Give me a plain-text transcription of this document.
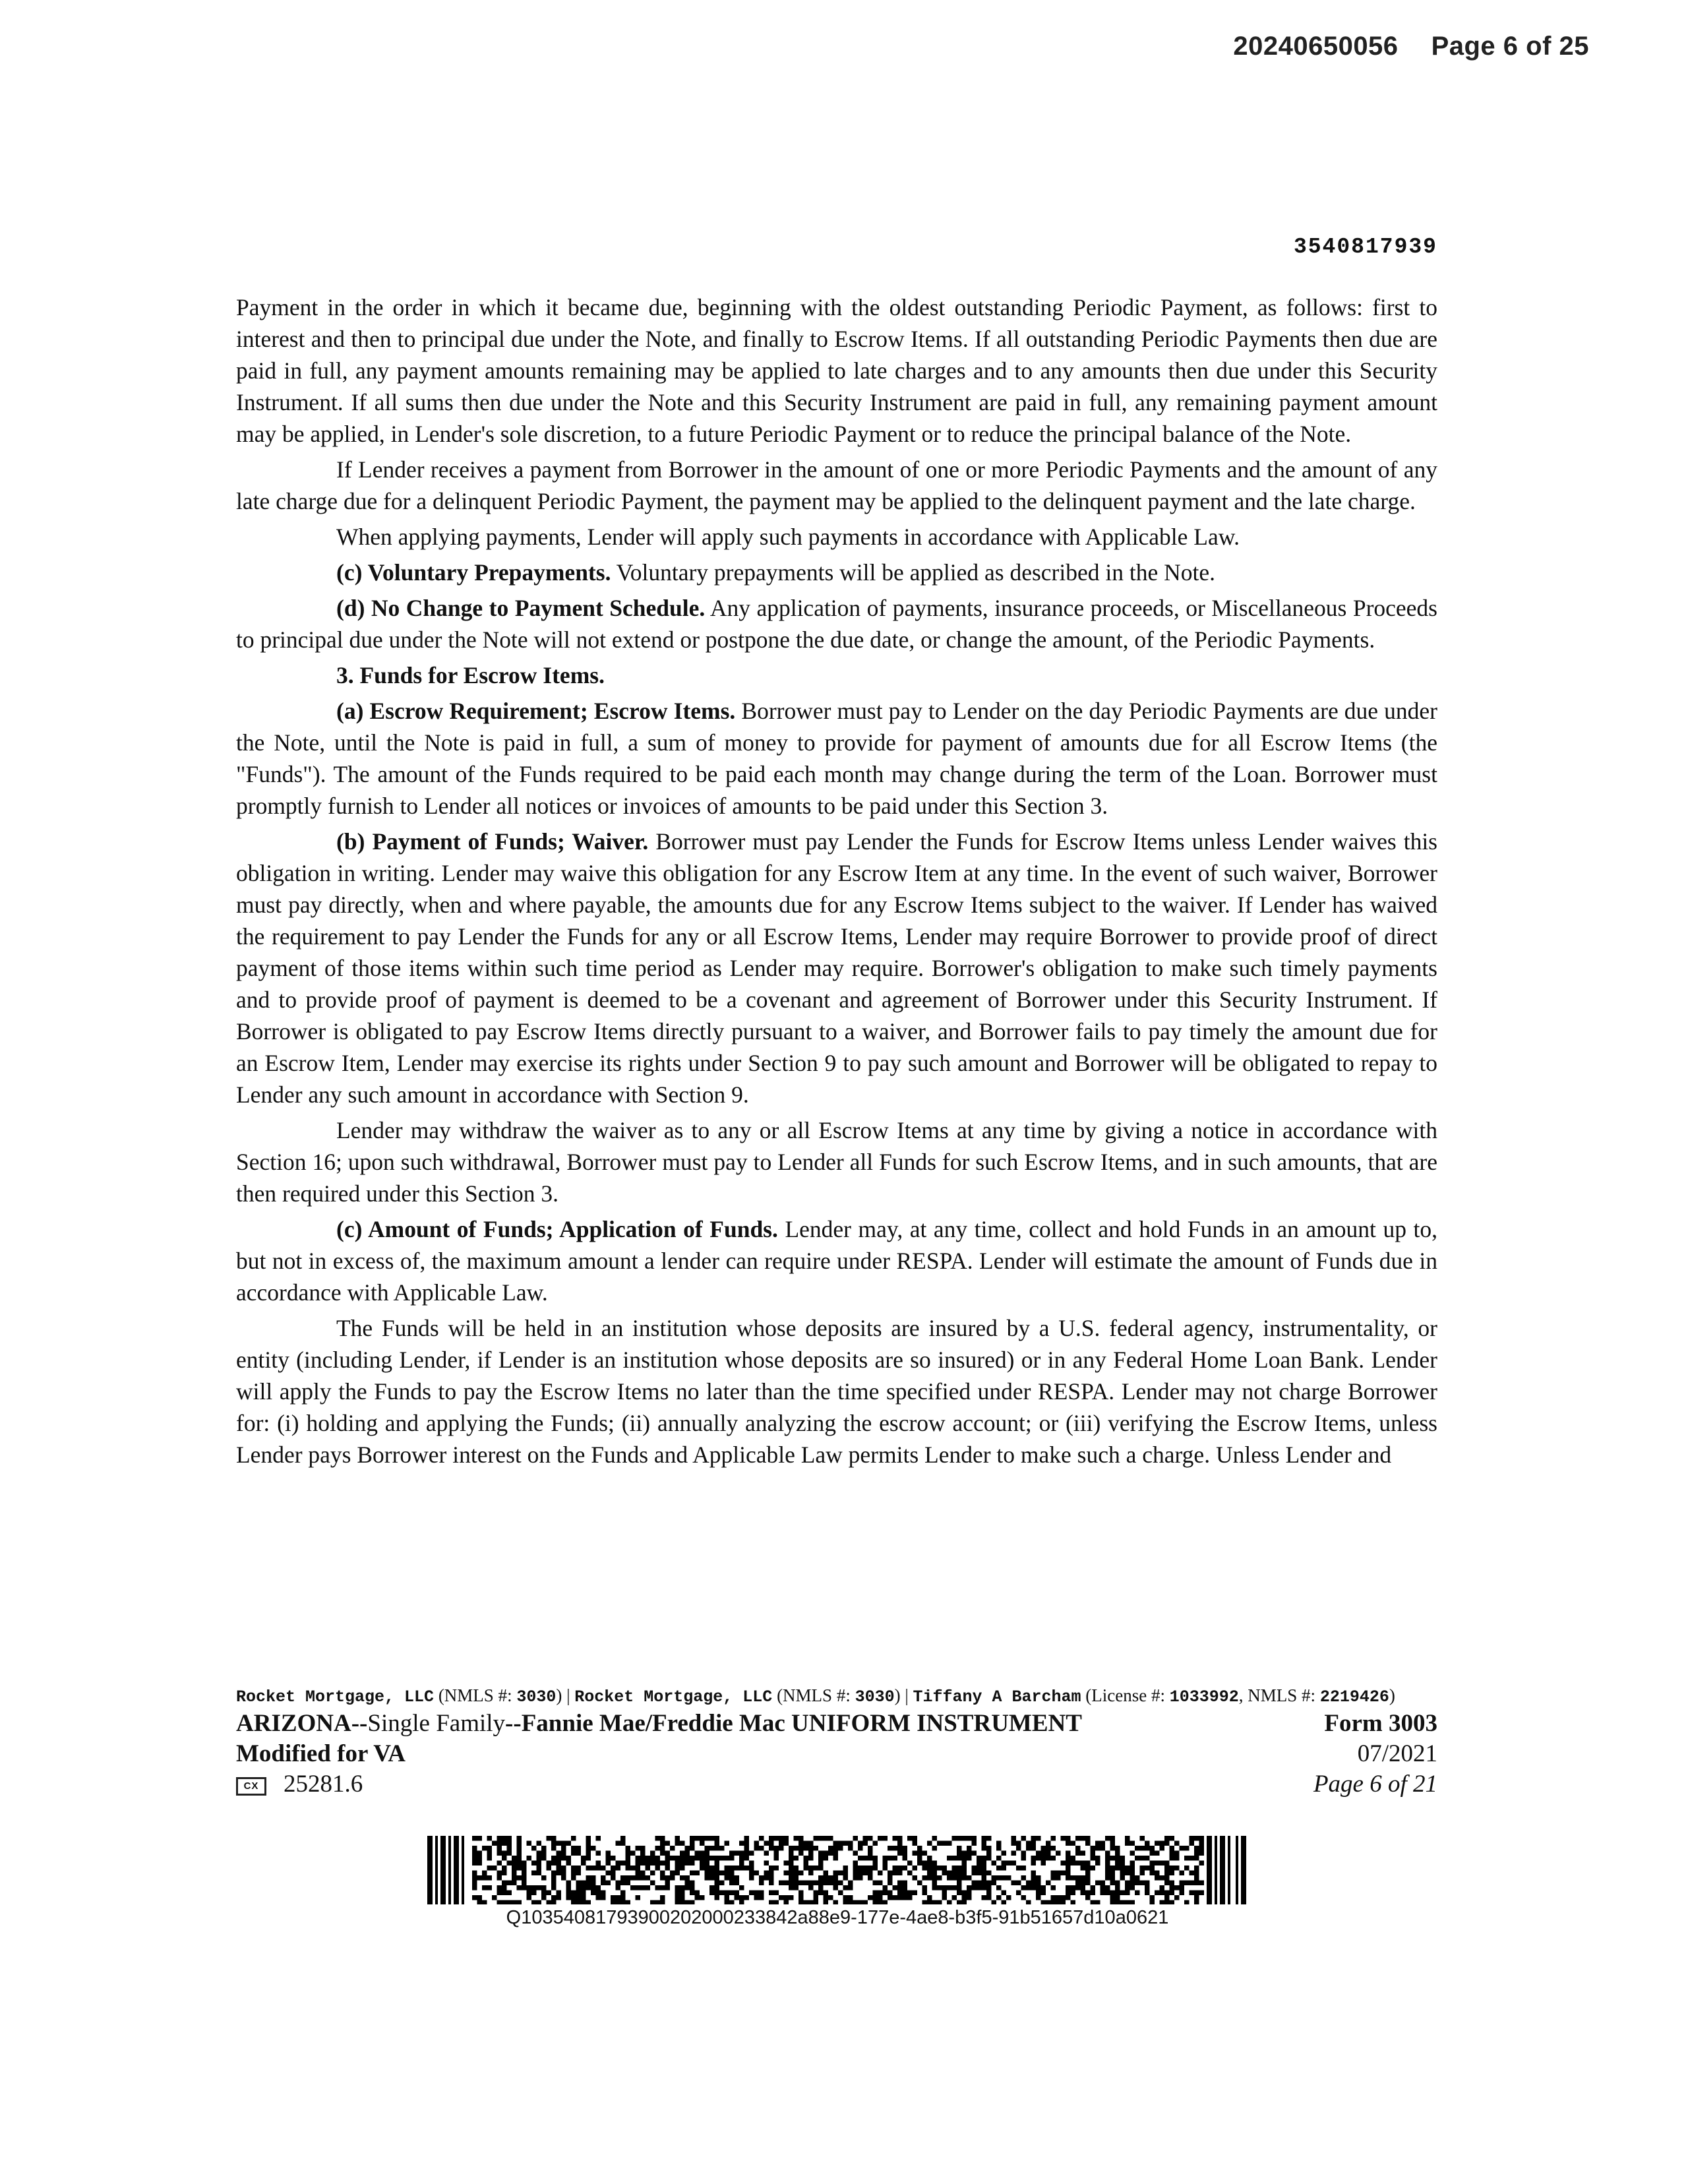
20240650056 Page 6 of 25
3540817939

Payment in the order in which it became due, beginning with the oldest outstanding Periodic Payment, as follows: first to interest and then to principal due under the Note, and finally to Escrow Items. If all outstanding Periodic Payments then due are paid in full, any payment amounts remaining may be applied to late charges and to any amounts then due under this Security Instrument. If all sums then due under the Note and this Security Instrument are paid in full, any remaining payment amount may be applied, in Lender's sole discretion, to a future Periodic Payment or to reduce the principal balance of the Note.

If Lender receives a payment from Borrower in the amount of one or more Periodic Payments and the amount of any late charge due for a delinquent Periodic Payment, the payment may be applied to the delinquent payment and the late charge.

When applying payments, Lender will apply such payments in accordance with Applicable Law.

(c) Voluntary Prepayments. Voluntary prepayments will be applied as described in the Note.

(d) No Change to Payment Schedule. Any application of payments, insurance proceeds, or Miscellaneous Proceeds to principal due under the Note will not extend or postpone the due date, or change the amount, of the Periodic Payments.

3. Funds for Escrow Items.

(a) Escrow Requirement; Escrow Items. Borrower must pay to Lender on the day Periodic Payments are due under the Note, until the Note is paid in full, a sum of money to provide for payment of amounts due for all Escrow Items (the "Funds"). The amount of the Funds required to be paid each month may change during the term of the Loan. Borrower must promptly furnish to Lender all notices or invoices of amounts to be paid under this Section 3.

(b) Payment of Funds; Waiver. Borrower must pay Lender the Funds for Escrow Items unless Lender waives this obligation in writing. Lender may waive this obligation for any Escrow Item at any time. In the event of such waiver, Borrower must pay directly, when and where payable, the amounts due for any Escrow Items subject to the waiver. If Lender has waived the requirement to pay Lender the Funds for any or all Escrow Items, Lender may require Borrower to provide proof of direct payment of those items within such time period as Lender may require. Borrower's obligation to make such timely payments and to provide proof of payment is deemed to be a covenant and agreement of Borrower under this Security Instrument. If Borrower is obligated to pay Escrow Items directly pursuant to a waiver, and Borrower fails to pay timely the amount due for an Escrow Item, Lender may exercise its rights under Section 9 to pay such amount and Borrower will be obligated to repay to Lender any such amount in accordance with Section 9.

Lender may withdraw the waiver as to any or all Escrow Items at any time by giving a notice in accordance with Section 16; upon such withdrawal, Borrower must pay to Lender all Funds for such Escrow Items, and in such amounts, that are then required under this Section 3.

(c) Amount of Funds; Application of Funds. Lender may, at any time, collect and hold Funds in an amount up to, but not in excess of, the maximum amount a lender can require under RESPA. Lender will estimate the amount of Funds due in accordance with Applicable Law.

The Funds will be held in an institution whose deposits are insured by a U.S. federal agency, instrumentality, or entity (including Lender, if Lender is an institution whose deposits are so insured) or in any Federal Home Loan Bank. Lender will apply the Funds to pay the Escrow Items no later than the time specified under RESPA. Lender may not charge Borrower for: (i) holding and applying the Funds; (ii) annually analyzing the escrow account; or (iii) verifying the Escrow Items, unless Lender pays Borrower interest on the Funds and Applicable Law permits Lender to make such a charge. Unless Lender and

Rocket Mortgage, LLC (NMLS #: 3030) | Rocket Mortgage, LLC (NMLS #: 3030) | Tiffany A Barcham (License #: 1033992, NMLS #: 2219426)
ARIZONA--Single Family--Fannie Mae/Freddie Mac UNIFORM INSTRUMENT	Form 3003
Modified for VA	07/2021
CX 25281.6	Page 6 of 21
Q10354081793900202000233842a88e9-177e-4ae8-b3f5-91b51657d10a0621
